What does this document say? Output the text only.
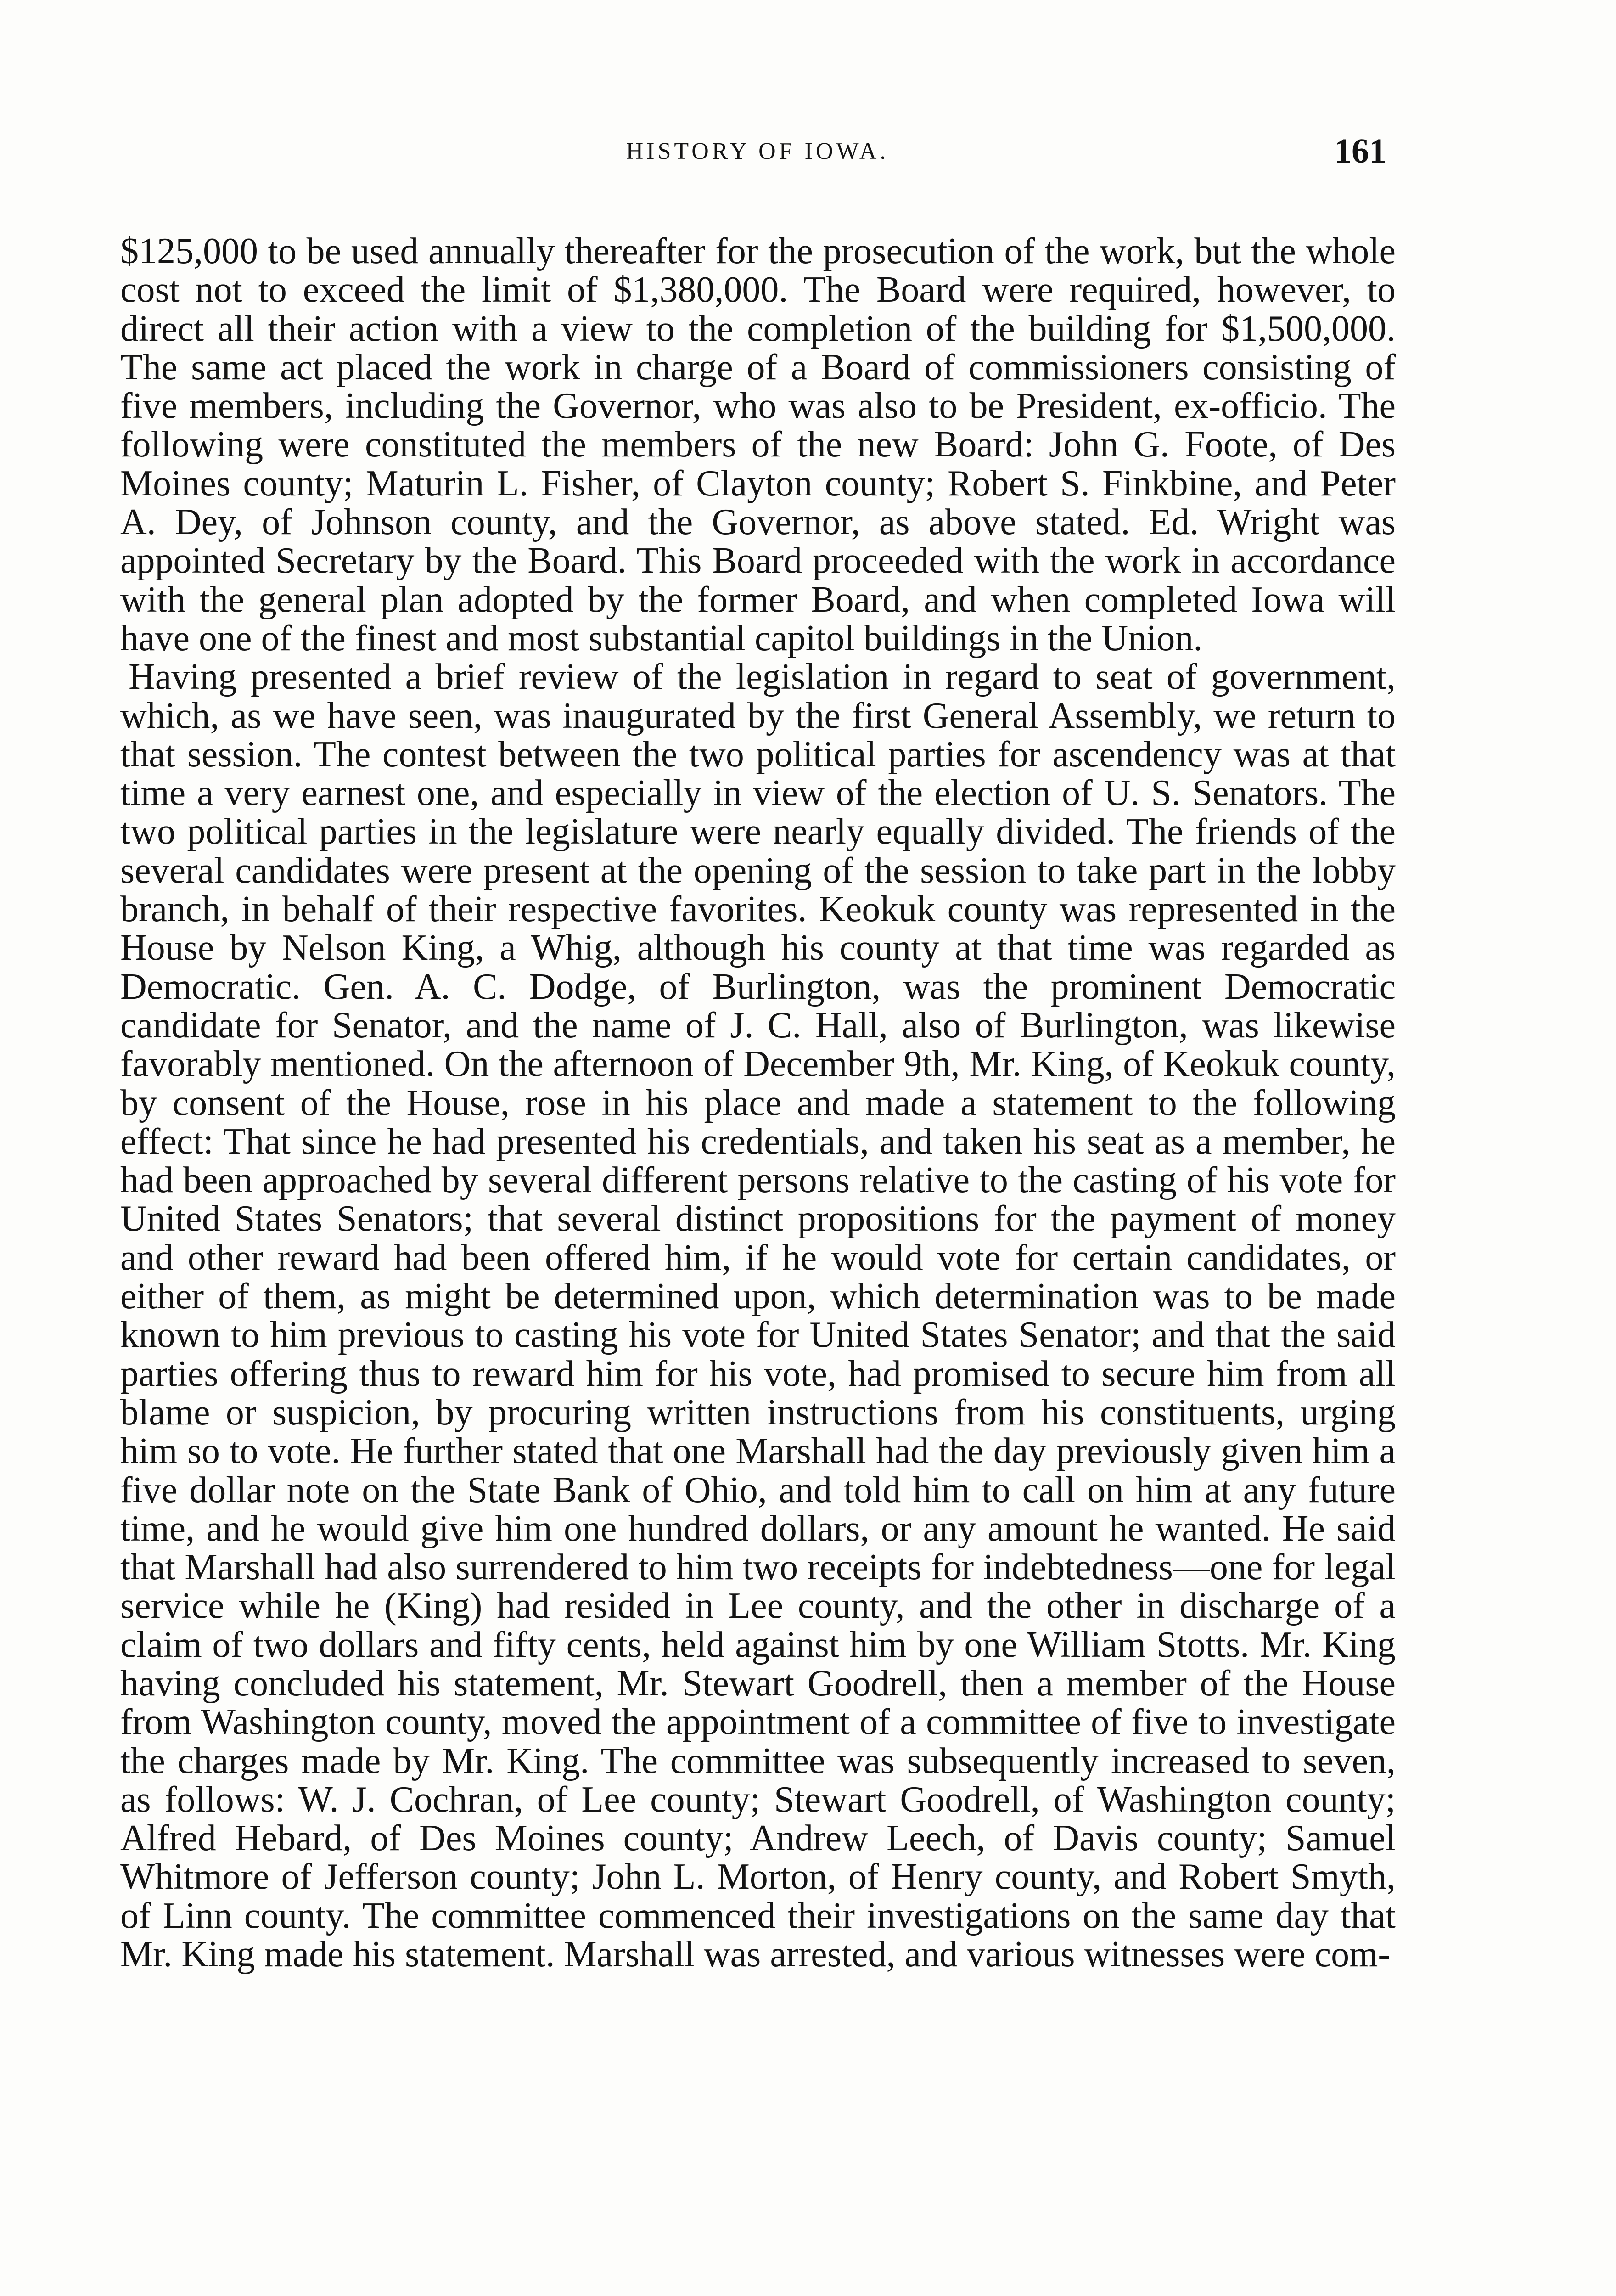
HISTORY OF IOWA.	161

$125,000 to be used annually thereafter for the prosecution of the work, but the whole cost not to exceed the limit of $1,380,000. The Board were required, however, to direct all their action with a view to the completion of the building for $1,500,000. The same act placed the work in charge of a Board of commissioners consisting of five members, including the Governor, who was also to be President, ex-officio. The following were constituted the members of the new Board: John G. Foote, of Des Moines county; Maturin L. Fisher, of Clayton county; Robert S. Finkbine, and Peter A. Dey, of Johnson county, and the Governor, as above stated. Ed. Wright was appointed Secretary by the Board. This Board proceeded with the work in accordance with the general plan adopted by the former Board, and when completed Iowa will have one of the finest and most substantial capitol buildings in the Union.

Having presented a brief review of the legislation in regard to seat of government, which, as we have seen, was inaugurated by the first General Assembly, we return to that session. The contest between the two political parties for ascendency was at that time a very earnest one, and especially in view of the election of U. S. Senators. The two political parties in the legislature were nearly equally divided. The friends of the several candidates were present at the opening of the session to take part in the lobby branch, in behalf of their respective favorites. Keokuk county was represented in the House by Nelson King, a Whig, although his county at that time was regarded as Democratic. Gen. A. C. Dodge, of Burlington, was the prominent Democratic candidate for Senator, and the name of J. C. Hall, also of Burlington, was likewise favorably mentioned. On the afternoon of December 9th, Mr. King, of Keokuk county, by consent of the House, rose in his place and made a statement to the following effect: That since he had presented his credentials, and taken his seat as a member, he had been approached by several different persons relative to the casting of his vote for United States Senators; that several distinct propositions for the payment of money and other reward had been offered him, if he would vote for certain candidates, or either of them, as might be determined upon, which determination was to be made known to him previous to casting his vote for United States Senator; and that the said parties offering thus to reward him for his vote, had promised to secure him from all blame or suspicion, by procuring written instructions from his constituents, urging him so to vote. He further stated that one Marshall had the day previously given him a five dollar note on the State Bank of Ohio, and told him to call on him at any future time, and he would give him one hundred dollars, or any amount he wanted. He said that Marshall had also surrendered to him two receipts for indebtedness—one for legal service while he (King) had resided in Lee county, and the other in discharge of a claim of two dollars and fifty cents, held against him by one William Stotts. Mr. King having concluded his statement, Mr. Stewart Goodrell, then a member of the House from Washington county, moved the appointment of a committee of five to investigate the charges made by Mr. King. The committee was subsequently increased to seven, as follows: W. J. Cochran, of Lee county; Stewart Goodrell, of Washington county; Alfred Hebard, of Des Moines county; Andrew Leech, of Davis county; Samuel Whitmore of Jefferson county; John L. Morton, of Henry county, and Robert Smyth, of Linn county. The committee commenced their investigations on the same day that Mr. King made his statement. Marshall was arrested, and various witnesses were com-
